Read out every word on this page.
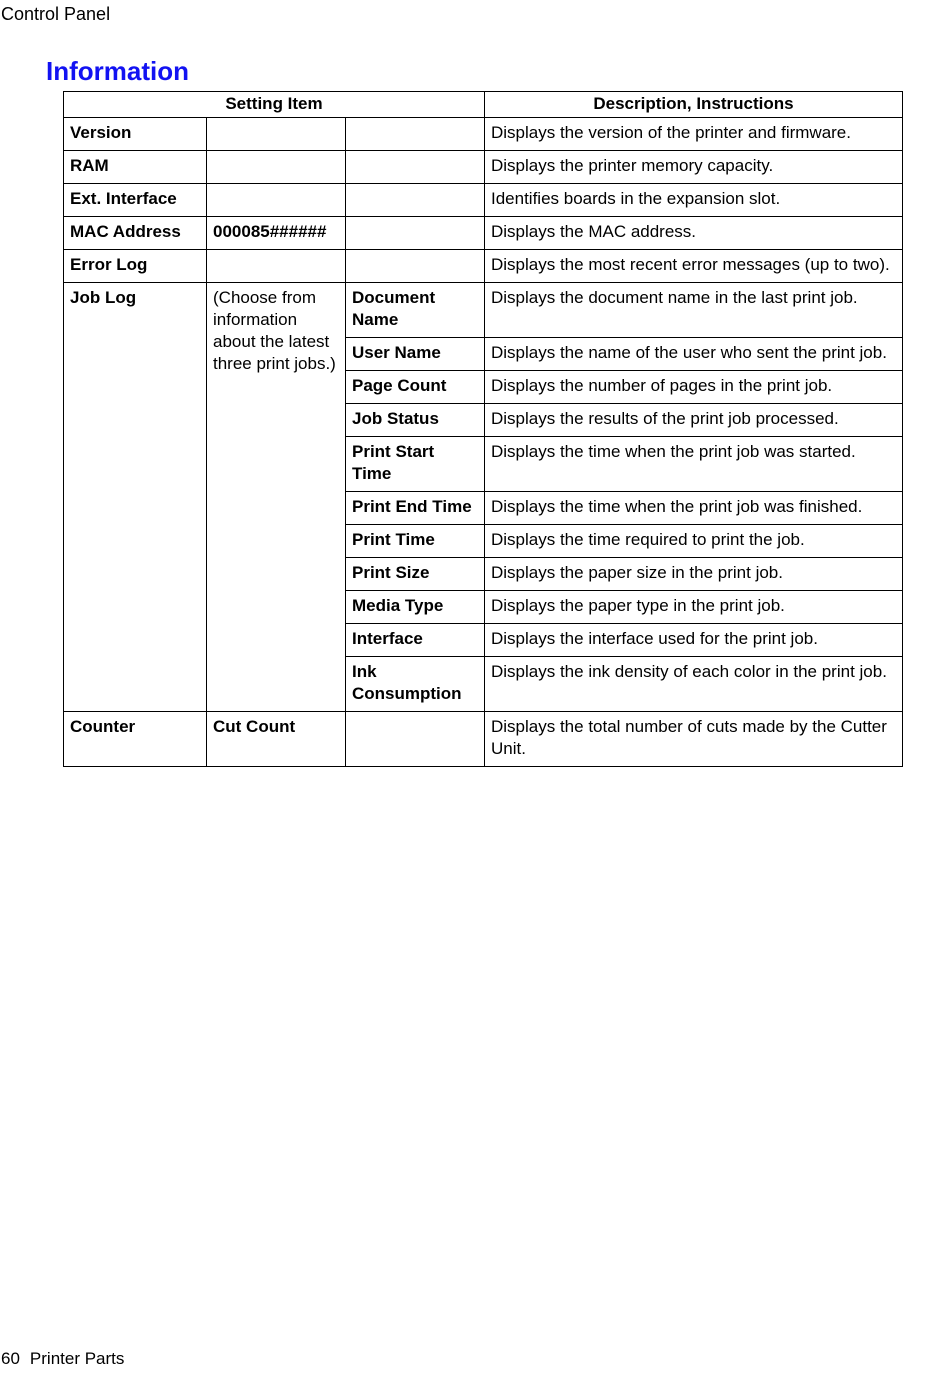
Control Panel
Information
Setting Item			Description, Instructions
Version			Displays the version of the printer and firmware.
RAM			Displays the printer memory capacity.
Ext. Interface			Identifies boards in the expansion slot.
MAC Address	000085######		Displays the MAC address.
Error Log			Displays the most recent error messages (up to two).
Job Log	(Choose from information about the latest three print jobs.)	Document Name	Displays the document name in the last print job.
		User Name	Displays the name of the user who sent the print job.
		Page Count	Displays the number of pages in the print job.
		Job Status	Displays the results of the print job processed.
		Print Start Time	Displays the time when the print job was started.
		Print End Time	Displays the time when the print job was finished.
		Print Time	Displays the time required to print the job.
		Print Size	Displays the paper size in the print job.
		Media Type	Displays the paper type in the print job.
		Interface	Displays the interface used for the print job.
		Ink Consumption	Displays the ink density of each color in the print job.
Counter	Cut Count		Displays the total number of cuts made by the Cutter Unit.
60 Printer Parts
